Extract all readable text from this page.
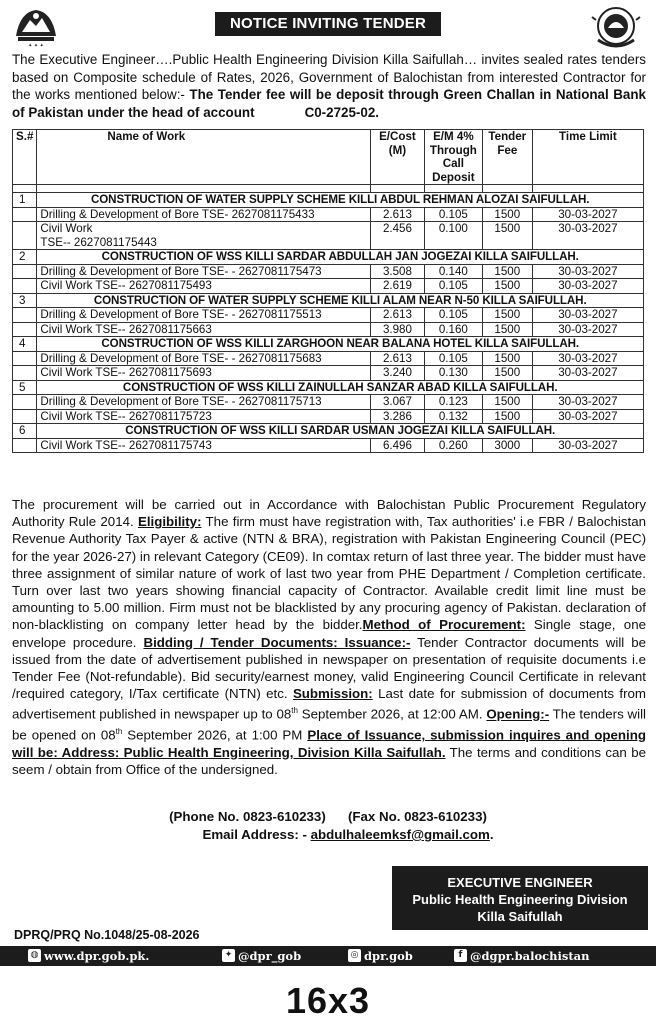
✦ ✦ ✦
NOTICE INVITING TENDER
The Executive Engineer….Public Health Engineering Division Killa Saifullah… invites sealed rates tenders based on Composite schedule of Rates, 2026, Government of Balochistan from interested Contractor for the works mentioned below:- The Tender fee will be deposit through Green Challan in National Bank of Pakistan under the head of account	C0-2725-02.
S.#	Name of Work	E/Cost (M)	E/M 4% Through Call Deposit	Tender Fee	Time Limit

1	CONSTRUCTION OF WATER SUPPLY SCHEME KILLI ABDUL REHMAN ALOZAI SAIFULLAH.				
	Drilling & Development of Bore TSE- 2627081175433	2.613	0.105	1500	30-03-2027
	Civil Work
TSE-- 2627081175443	2.456	0.100	1500	30-03-2027
2	CONSTRUCTION OF WSS KILLI SARDAR ABDULLAH JAN JOGEZAI KILLA SAIFULLAH.				
	Drilling & Development of Bore TSE- - 2627081175473	3.508	0.140	1500	30-03-2027
	Civil Work TSE-- 2627081175493	2.619	0.105	1500	30-03-2027
3	CONSTRUCTION OF WATER SUPPLY SCHEME KILLI ALAM NEAR N-50 KILLA SAIFULLAH.				
	Drilling & Development of Bore TSE- - 2627081175513	2.613	0.105	1500	30-03-2027
	Civil Work TSE-- 2627081175663	3.980	0.160	1500	30-03-2027
4	CONSTRUCTION OF WSS KILLI ZARGHOON NEAR BALANA HOTEL KILLA SAIFULLAH.				
	Drilling & Development of Bore TSE- - 2627081175683	2.613	0.105	1500	30-03-2027
	Civil Work TSE-- 2627081175693	3.240	0.130	1500	30-03-2027
5	CONSTRUCTION OF WSS KILLI ZAINULLAH SANZAR ABAD KILLA SAIFULLAH.				
	Drilling & Development of Bore TSE- - 2627081175713	3.067	0.123	1500	30-03-2027
	Civil Work TSE-- 2627081175723	3.286	0.132	1500	30-03-2027
6	CONSTRUCTION OF WSS KILLI SARDAR USMAN JOGEZAI KILLA SAIFULLAH.				
	Civil Work TSE-- 2627081175743	6.496	0.260	3000	30-03-2027
The procurement will be carried out in Accordance with Balochistan Public Procurement Regulatory Authority Rule 2014. Eligibility: The firm must have registration with, Tax authorities' i.e FBR / Balochistan Revenue Authority Tax Payer & active (NTN & BRA), registration with Pakistan Engineering Council (PEC) for the year 2026-27) in relevant Category (CE09). In comtax return of last three year. The bidder must have three assignment of similar nature of work of last two year from PHE Department / Completion certificate. Turn over last two years showing financial capacity of Contractor. Available credit limit line must be amounting to 5.00 million. Firm must not be blacklisted by any procuring agency of Pakistan. declaration of non-blacklisting on company letter head by the bidder.Method of Procurement: Single stage, one envelope procedure. Bidding / Tender Documents: Issuance:- Tender Contractor documents will be issued from the date of advertisement published in newspaper on presentation of requisite documents i.e Tender Fee (Not-refundable). Bid security/earnest money, valid Engineering Council Certificate in relevant /required category, I/Tax certificate (NTN) etc. Submission: Last date for submission of documents from advertisement published in newspaper up to 08th September 2026, at 12:00 AM. Opening:- The tenders will be opened on 08th September 2026, at 1:00 PM Place of Issuance, submission inquires and opening will be: Address: Public Health Engineering, Division Killa Saifullah. The terms and conditions can be seem / obtain from Office of the undersigned.
(Phone No. 0823-610233) (Fax No. 0823-610233)
Email Address: - abdulhaleemksf@gmail.com.
EXECUTIVE ENGINEER
Public Health Engineering Division
Killa Saifullah
DPRQ/PRQ No.1048/25-08-2026
◍ www.dpr.gob.pk.	✦ @dpr_gob	◎ dpr.gob	f @dgpr.balochistan
16x3
